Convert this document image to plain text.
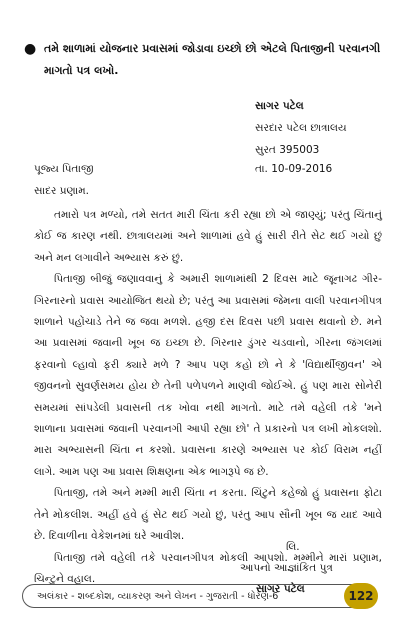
● તમે શાળામાં યોજનાર પ્રવાસમાં જોડાવા ઇચ્છો છો એટલે પિતાજીની પરવાનગી માગતો પત્ર લખો.
સાગર પટેલ
સરદાર પટેલ છાત્રાલય
સુરત 395003
પૂજ્ય પિતાજી	તા. 10-09-2016
સાદર પ્રણામ.

તમારો પત્ર મળ્યો, તમે સતત મારી ચિંતા કરી રહ્યા છો એ જાણ્યું; પરંતુ ચિંતાનું કોઈ જ કારણ નથી. છાત્રાલયમાં અને શાળામાં હવે હું સારી રીતે સેટ થઈ ગયો છું અને મન લગાવીને અભ્યાસ કરું છું.

પિતાજી બીજું જણાવવાનું કે અમારી શાળામાંથી 2 દિવસ માટે જૂનાગઢ ગીર-ગિરનારનો પ્રવાસ આયોજિત થયો છે; પરંતુ આ પ્રવાસમાં જેમના વાલી પરવાનગીપત્ર શાળાને પહોંચાડે તેને જ જવા મળશે. હજી દસ દિવસ પછી પ્રવાસ થવાનો છે. મને આ પ્રવાસમાં જવાની ખૂબ જ ઇચ્છા છે. ગિરનાર ડુંગર ચડવાનો, ગીરના જંગલમાં ફરવાનો લ્હાવો ફરી ક્યારે મળે ? આપ પણ કહો છો ને કે 'વિદ્યાર્થીજીવન' એ જીવનનો સુવર્ણસમય હોય છે તેની પળેપળને માણવી જોઈએ. હું પણ મારા સોનેરી સમયમાં સાંપડેલી પ્રવાસની તક ખોવા નથી માગતો. માટે તમે વહેલી તકે 'મને શાળાના પ્રવાસમાં જવાની પરવાનગી આપી રહ્યા છો' તે પ્રકારનો પત્ર લખી મોકલશો. મારા અભ્યાસની ચિંતા ન કરશો. પ્રવાસના કારણે અભ્યાસ પર કોઈ વિરામ નહીં લાગે. આમ પણ આ પ્રવાસ શિક્ષણના એક ભાગરૂપે જ છે.

પિતાજી, તમે અને મમ્મી મારી ચિંતા ન કરતા. ચિંટુને કહેજો હું પ્રવાસના ફોટા તેને મોકલીશ. અહીં હવે હું સેટ થઈ ગયો છું, પરંતુ આપ સૌની ખૂબ જ યાદ આવે છે. દિવાળીના વેકેશનમાં ઘરે આવીશ.

પિતાજી તમે વહેલી તકે પરવાનગીપત્ર મોકલી આપશો. મમ્મીને મારાં પ્રણામ, ચિન્ટુને વહાલ.

લિ.
આપનો આજ્ઞાંકિત પુત્ર
સાગર પટેલ
અલંકાર - શબ્દકોશ, વ્યાકરણ અને લેખન - ગુજરાતી - ધોરણ-6	122
